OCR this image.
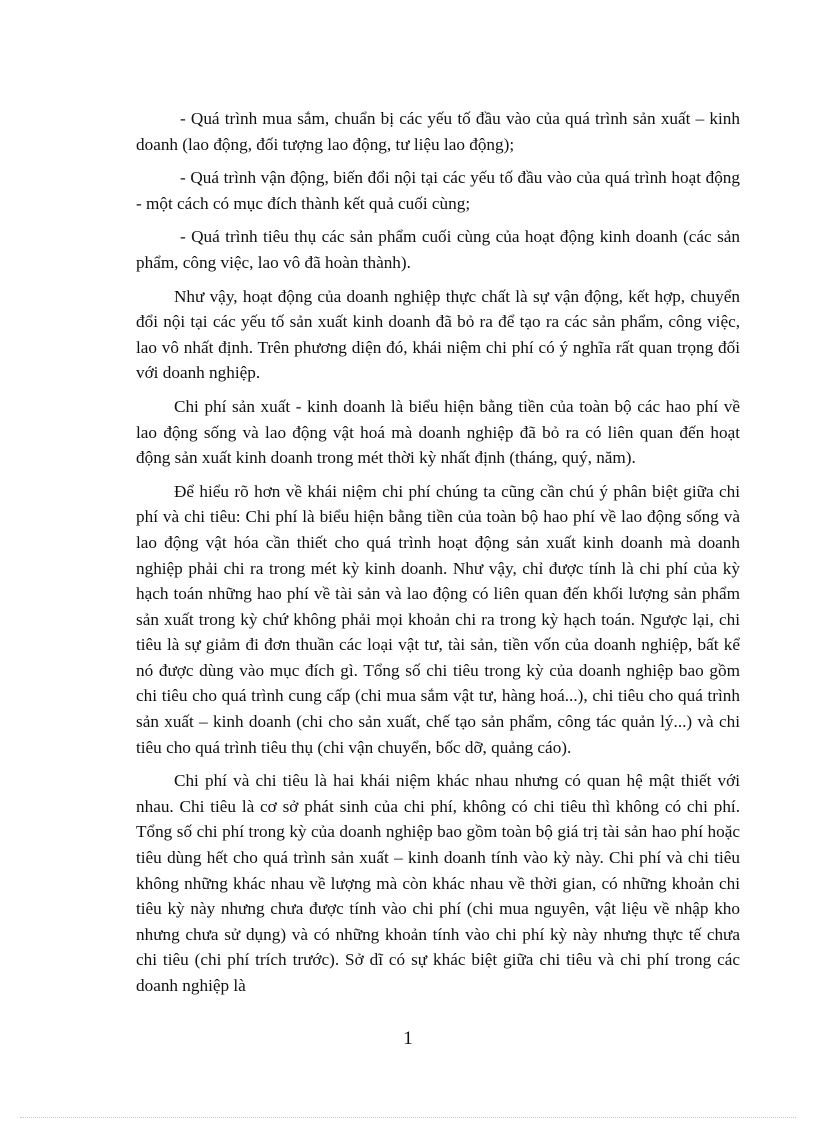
- Quá trình mua sắm, chuẩn bị các yếu tố đầu vào của quá trình sản xuất – kinh doanh (lao động, đối tượng lao động, tư liệu lao động);

- Quá trình vận động, biến đổi nội tại các yếu tố đầu vào của quá trình hoạt động - một cách có mục đích thành kết quả cuối cùng;

- Quá trình tiêu thụ các sản phẩm cuối cùng của hoạt động kinh doanh (các sản phẩm, công việc, lao vô đã hoàn thành).

Như vậy, hoạt động của doanh nghiệp thực chất là sự vận động, kết hợp, chuyển đổi nội tại các yếu tố sản xuất kinh doanh đã bỏ ra để tạo ra các sản phẩm, công việc, lao vô nhất định. Trên phương diện đó, khái niệm chi phí có ý nghĩa rất quan trọng đối với doanh nghiệp.

Chi phí sản xuất - kinh doanh là biểu hiện bằng tiền của toàn bộ các hao phí về lao động sống và lao động vật hoá mà doanh nghiệp đã bỏ ra có liên quan đến hoạt động sản xuất kinh doanh trong mét thời kỳ nhất định (tháng, quý, năm).

Để hiểu rõ hơn về khái niệm chi phí chúng ta cũng cần chú ý phân biệt giữa chi phí và chi tiêu: Chi phí là biểu hiện bằng tiền của toàn bộ hao phí về lao động sống và lao động vật hóa cần thiết cho quá trình hoạt động sản xuất kinh doanh mà doanh nghiệp phải chi ra trong mét kỳ kinh doanh. Như vậy, chỉ được tính là chi phí của kỳ hạch toán những hao phí về tài sản và lao động có liên quan đến khối lượng sản phẩm sản xuất trong kỳ chứ không phải mọi khoản chi ra trong kỳ hạch toán. Ngược lại, chi tiêu là sự giảm đi đơn thuần các loại vật tư, tài sản, tiền vốn của doanh nghiệp, bất kể nó được dùng vào mục đích gì. Tổng số chi tiêu trong kỳ của doanh nghiệp bao gồm chi tiêu cho quá trình cung cấp (chi mua sắm vật tư, hàng hoá...), chi tiêu cho quá trình sản xuất – kinh doanh (chi cho sản xuất, chế tạo sản phẩm, công tác quản lý...) và chi tiêu cho quá trình tiêu thụ (chi vận chuyển, bốc dỡ, quảng cáo).

Chi phí và chi tiêu là hai khái niệm khác nhau nhưng có quan hệ mật thiết với nhau. Chi tiêu là cơ sở phát sinh của chi phí, không có chi tiêu thì không có chi phí. Tổng số chi phí trong kỳ của doanh nghiệp bao gồm toàn bộ giá trị tài sản hao phí hoặc tiêu dùng hết cho quá trình sản xuất – kinh doanh tính vào kỳ này. Chi phí và chi tiêu không những khác nhau về lượng mà còn khác nhau về thời gian, có những khoản chi tiêu kỳ này nhưng chưa được tính vào chi phí (chi mua nguyên, vật liệu về nhập kho nhưng chưa sử dụng) và có những khoản tính vào chi phí kỳ này nhưng thực tế chưa chi tiêu (chi phí trích trước). Sở dĩ có sự khác biệt giữa chi tiêu và chi phí trong các doanh nghiệp là

1
